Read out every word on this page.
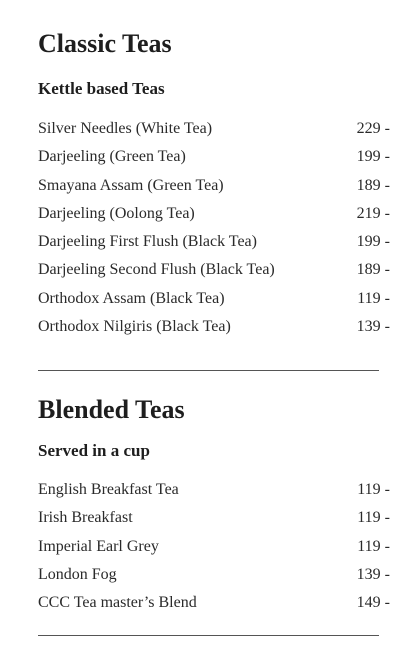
Classic Teas
Kettle based Teas
Silver Needles (White Tea)	229 -
Darjeeling (Green Tea)	199 -
Smayana Assam (Green Tea)	189 -
Darjeeling (Oolong Tea)	219 -
Darjeeling First Flush (Black Tea)	199 -
Darjeeling Second Flush (Black Tea)	189 -
Orthodox Assam (Black Tea)	119 -
Orthodox Nilgiris (Black Tea)	139 -
Blended Teas
Served in a cup
English Breakfast Tea	119 -
Irish Breakfast	119 -
Imperial Earl Grey	119 -
London Fog	139 -
CCC Tea master’s Blend	149 -
